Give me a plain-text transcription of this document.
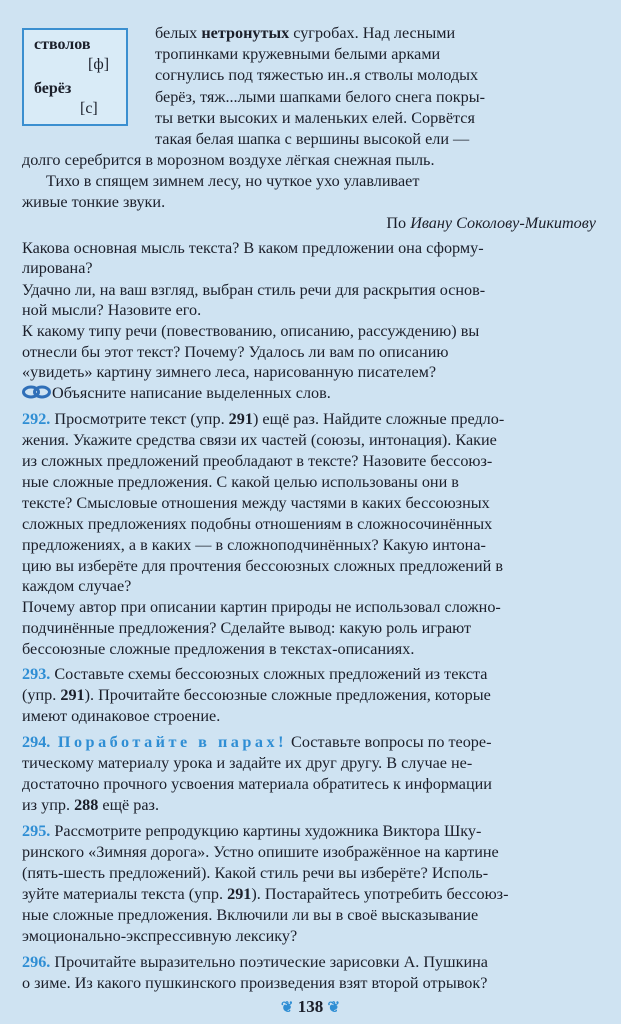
стволов
[ф]
берёз
[с]
белых нетронутых сугробах. Над лесными
тропинками кружевными белыми арками
согнулись под тяжестью ин..я стволы молодых
берёз, тяж...лыми шапками белого снега покры-
ты ветки высоких и маленьких елей. Сорвётся
такая белая шапка с вершины высокой ели —
долго серебрится в морозном воздухе лёгкая снежная пыль.
Тихо в спящем зимнем лесу, но чуткое ухо улавливает
живые тонкие звуки.
По Ивану Соколову-Микитову
Какова основная мысль текста? В каком предложении она сформу-
лирована?
Удачно ли, на ваш взгляд, выбран стиль речи для раскрытия основ-
ной мысли? Назовите его.
К какому типу речи (повествованию, описанию, рассуждению) вы
отнесли бы этот текст? Почему? Удалось ли вам по описанию
«увидеть» картину зимнего леса, нарисованную писателем?
Объясните написание выделенных слов.
292. Просмотрите текст (упр. 291) ещё раз. Найдите сложные предло-
жения. Укажите средства связи их частей (союзы, интонация). Какие
из сложных предложений преобладают в тексте? Назовите бессоюз-
ные сложные предложения. С какой целью использованы они в
тексте? Смысловые отношения между частями в каких бессоюзных
сложных предложениях подобны отношениям в сложносочинённых
предложениях, а в каких — в сложноподчинённых? Какую интона-
цию вы изберёте для прочтения бессоюзных сложных предложений в
каждом случае?
Почему автор при описании картин природы не использовал сложно-
подчинённые предложения? Сделайте вывод: какую роль играют
бессоюзные сложные предложения в текстах-описаниях.
293. Составьте схемы бессоюзных сложных предложений из текста
(упр. 291). Прочитайте бессоюзные сложные предложения, которые
имеют одинаковое строение.
294. Поработайте в парах! Составьте вопросы по теоре-
тическому материалу урока и задайте их друг другу. В случае не-
достаточно прочного усвоения материала обратитесь к информации
из упр. 288 ещё раз.
295. Рассмотрите репродукцию картины художника Виктора Шку-
ринского «Зимняя дорога». Устно опишите изображённое на картине
(пять-шесть предложений). Какой стиль речи вы изберёте? Исполь-
зуйте материалы текста (упр. 291). Постарайтесь употребить бессоюз-
ные сложные предложения. Включили ли вы в своё высказывание
эмоционально-экспрессивную лексику?
296. Прочитайте выразительно поэтические зарисовки А. Пушкина
о зиме. Из какого пушкинского произведения взят второй отрывок?
❦ 138 ❦
